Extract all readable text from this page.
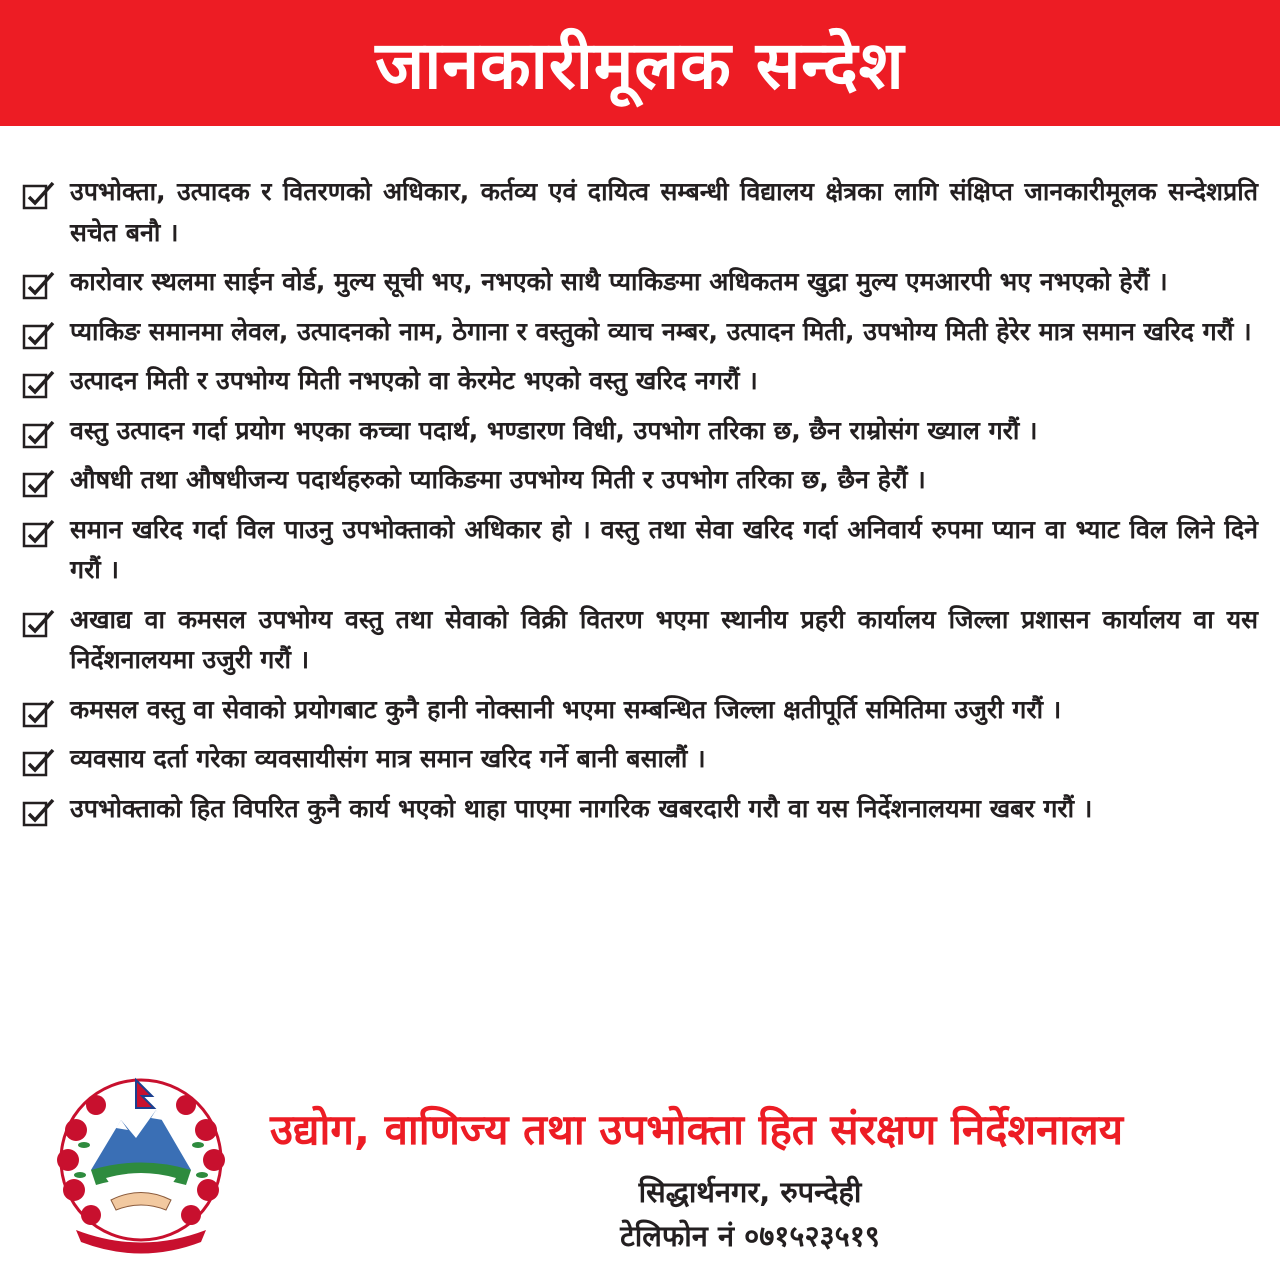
जानकारीमूलक सन्देश
उपभोक्ता, उत्पादक र वितरणको अधिकार, कर्तव्य एवं दायित्व सम्बन्धी विद्यालय क्षेत्रका लागि संक्षिप्त जानकारीमूलक सन्देशप्रति सचेत बनौ ।
कारोवार स्थलमा साईन वोर्ड, मुल्य सूची भए, नभएको साथै प्याकिङमा अधिकतम खुद्रा मुल्य एमआरपी भए नभएको हेरौं ।
प्याकिङ समानमा लेवल, उत्पादनको नाम, ठेगाना र वस्तुको व्याच नम्बर, उत्पादन मिती, उपभोग्य मिती हेरेर मात्र समान खरिद गरौं ।
उत्पादन मिती र उपभोग्य मिती नभएको वा केरमेट भएको वस्तु खरिद नगरौं ।
वस्तु उत्पादन गर्दा प्रयोग भएका कच्चा पदार्थ, भण्डारण विधी, उपभोग तरिका छ, छैन राम्रोसंग ख्याल गरौं ।
औषधी तथा औषधीजन्य पदार्थहरुको प्याकिङमा उपभोग्य मिती र उपभोग तरिका छ, छैन हेरौं ।
समान खरिद गर्दा विल पाउनु उपभोक्ताको अधिकार हो । वस्तु तथा सेवा खरिद गर्दा अनिवार्य रुपमा प्यान वा भ्याट विल लिने दिने गरौं ।
अखाद्य वा कमसल उपभोग्य वस्तु तथा सेवाको विक्री वितरण भएमा स्थानीय प्रहरी कार्यालय जिल्ला प्रशासन कार्यालय वा यस निर्देशनालयमा उजुरी गरौं ।
कमसल वस्तु वा सेवाको प्रयोगबाट कुनै हानी नोक्सानी भएमा सम्बन्धित जिल्ला क्षतीपूर्ति समितिमा उजुरी गरौं ।
व्यवसाय दर्ता गरेका व्यवसायीसंग मात्र समान खरिद गर्ने बानी बसालौं ।
उपभोक्ताको हित विपरित कुनै कार्य भएको थाहा पाएमा नागरिक खबरदारी गरौ वा यस निर्देशनालयमा खबर गरौं ।
उद्योग, वाणिज्य तथा उपभोक्ता हित संरक्षण निर्देशनालय
सिद्धार्थनगर, रुपन्देही
टेलिफोन नं ०७१५२३५१९
